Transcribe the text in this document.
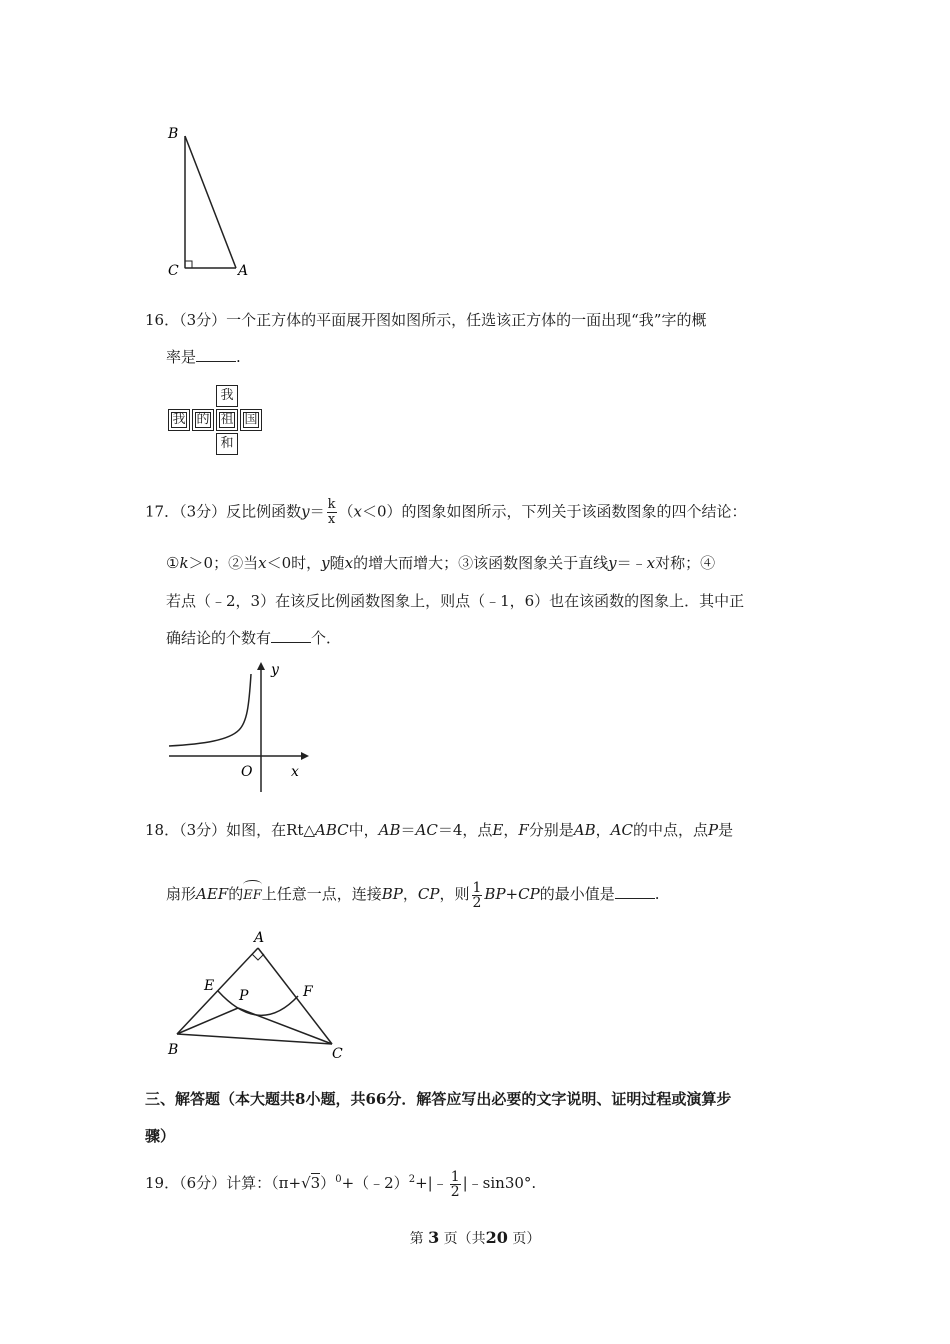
B
C	A
16．（3分）一个正方体的平面展开图如图所示，任选该正方体的一面出现“我”字的概
率是	.
我
我 的 祖 国
和
17．（3分）反比例函数$y= \frac{k}{x} (x<0)$的图象如图所示，下列关于该函数图象的四个结论：
①k＞0；②当x＜0时，y随x的增大而增大；③该函数图象关于直线y＝﹣x对称；④
若点（﹣2，3）在该反比例函数图象上，则点（﹣1，6）也在该函数的图象上．其中正
确结论的个数有	个．
y
O	x
18．（3分）如图，在Rt△ABC中，AB＝AC＝4，点E，F分别是AB，AC的中点，点P是
扇形AEF的EF上任意一点，连接BP，CP，则 $\frac{1}{2} BP+CP$的最小值是	.
A
E	F
P
B	C
三、解答题（本大题共8小题，共66分．解答应写出必要的文字说明、证明过程或演算步
骤）
19．（6分）计算：$(\pi+√3)^0+(﹣2)^2+|﹣ \frac{1}{2}$ |﹣sin30°.
第 3 页（共20 页）
